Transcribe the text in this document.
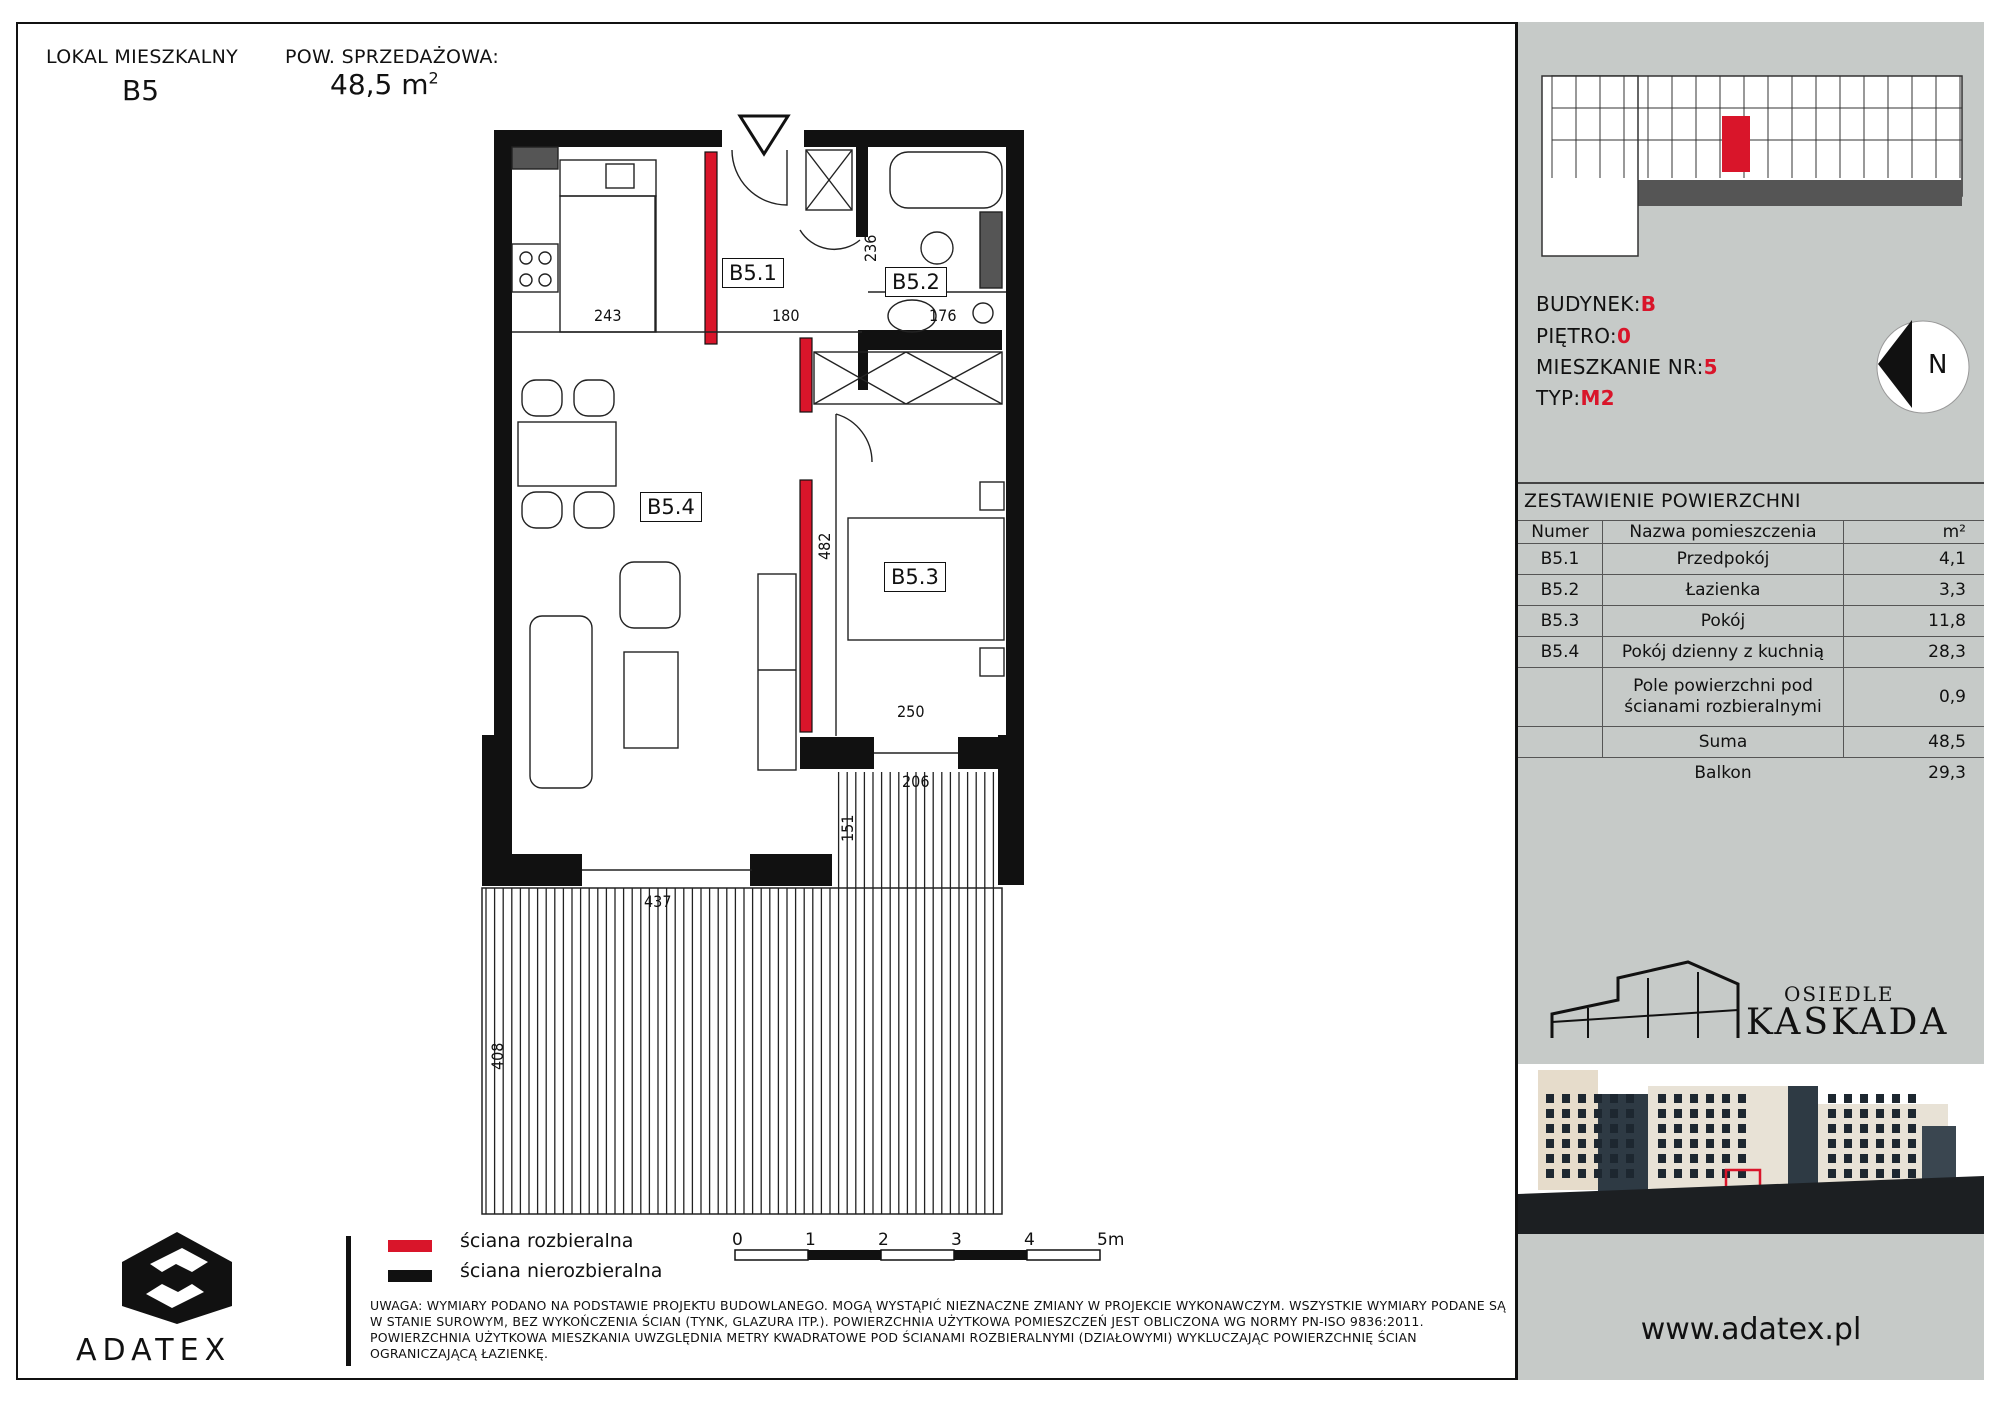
LOKAL MIESZKALNY
B5
POW. SPRZEDAŻOWA:
48,5 $m^2$
B5.1	B5.2
B5.3
B5.4
243	180
236
176
482
250
206
151
437
408
ściana rozbieralna
ściana nierozbieralna
0	1	2	3	4	5m
UWAGA: WYMIARY PODANO NA PODSTAWIE PROJEKTU BUDOWLANEGO. MOGĄ WYSTĄPIĆ NIEZNACZNE ZMIANY W PROJEKCIE WYKONAWCZYM. WSZYSTKIE WYMIARY PODANE SĄ W STANIE SUROWYM, BEZ WYKOŃCZENIA ŚCIAN (TYNK, GLAZURA ITP.). POWIERZCHNIA UŻYTKOWA POMIESZCZEŃ JEST OBLICZONA WG NORMY PN-ISO 9836:2011. POWIERZCHNIA UŻYTKOWA MIESZKANIA UWZGLĘDNIA METRY KWADRATOWE POD ŚCIANAMI ROZBIERALNYMI (DZIAŁOWYMI) WYKLUCZAJĄC POWIERZCHNIĘ ŚCIAN OGRANICZAJĄCĄ ŁAZIENKĘ.
ADATEX
BUDYNEK:B
PIĘTRO:0
MIESZKANIE NR:5
TYP:M2
N
ZESTAWIENIE POWIERZCHNI
Numer	Nazwa pomieszczenia	m²
B5.1	Przedpokój	4,1
B5.2	Łazienka	3,3
B5.3	Pokój	11,8
B5.4	Pokój dzienny z kuchnią	28,3
	Pole powierzchni pod ścianami rozbieralnymi	0,9
	Suma	48,5
	Balkon	29,3
OSIEDLE
KASKADA
www.adatex.pl
